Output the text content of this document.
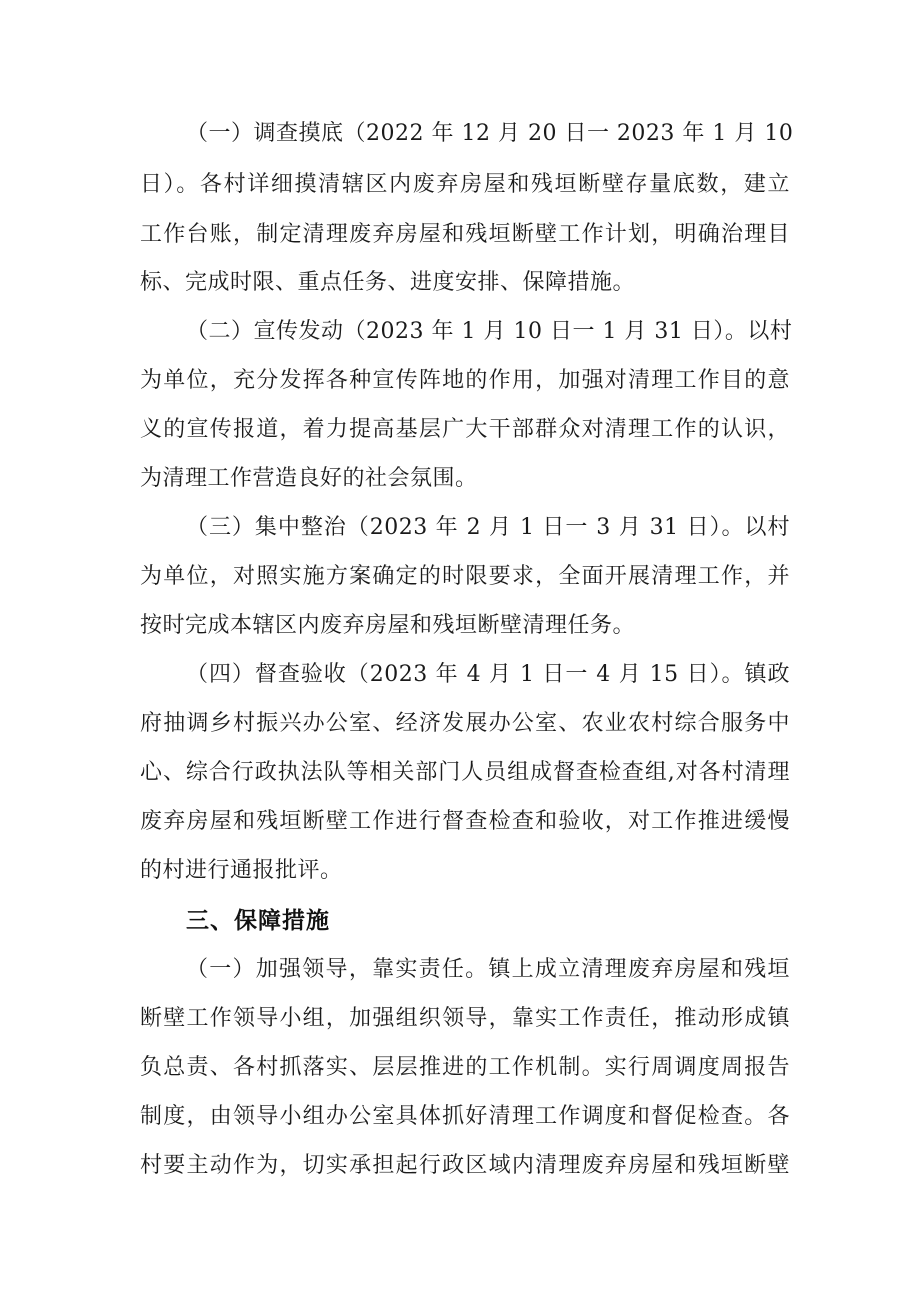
（一）调查摸底（2022 年 12 月 20 日一 2023 年 1 月 10
日）。各村详细摸清辖区内废弃房屋和残垣断壁存量底数，建立
工作台账，制定清理废弃房屋和残垣断壁工作计划，明确治理目
标、完成时限、重点任务、进度安排、保障措施。
（二）宣传发动（2023 年 1 月 10 日一 1 月 31 日）。以村
为单位，充分发挥各种宣传阵地的作用，加强对清理工作目的意
义的宣传报道，着力提高基层广大干部群众对清理工作的认识，
为清理工作营造良好的社会氛围。
（三）集中整治（2023 年 2 月 1 日一 3 月 31 日）。以村
为单位，对照实施方案确定的时限要求，全面开展清理工作，并
按时完成本辖区内废弃房屋和残垣断壁清理任务。
（四）督查验收（2023 年 4 月 1 日一 4 月 15 日）。镇政
府抽调乡村振兴办公室、经济发展办公室、农业农村综合服务中
心、综合行政执法队等相关部门人员组成督查检查组,对各村清理
废弃房屋和残垣断壁工作进行督查检查和验收，对工作推进缓慢
的村进行通报批评。
三、保障措施
（一）加强领导，靠实责任。镇上成立清理废弃房屋和残垣
断壁工作领导小组，加强组织领导，靠实工作责任，推动形成镇
负总责、各村抓落实、层层推进的工作机制。实行周调度周报告
制度，由领导小组办公室具体抓好清理工作调度和督促检查。各
村要主动作为，切实承担起行政区域内清理废弃房屋和残垣断壁
